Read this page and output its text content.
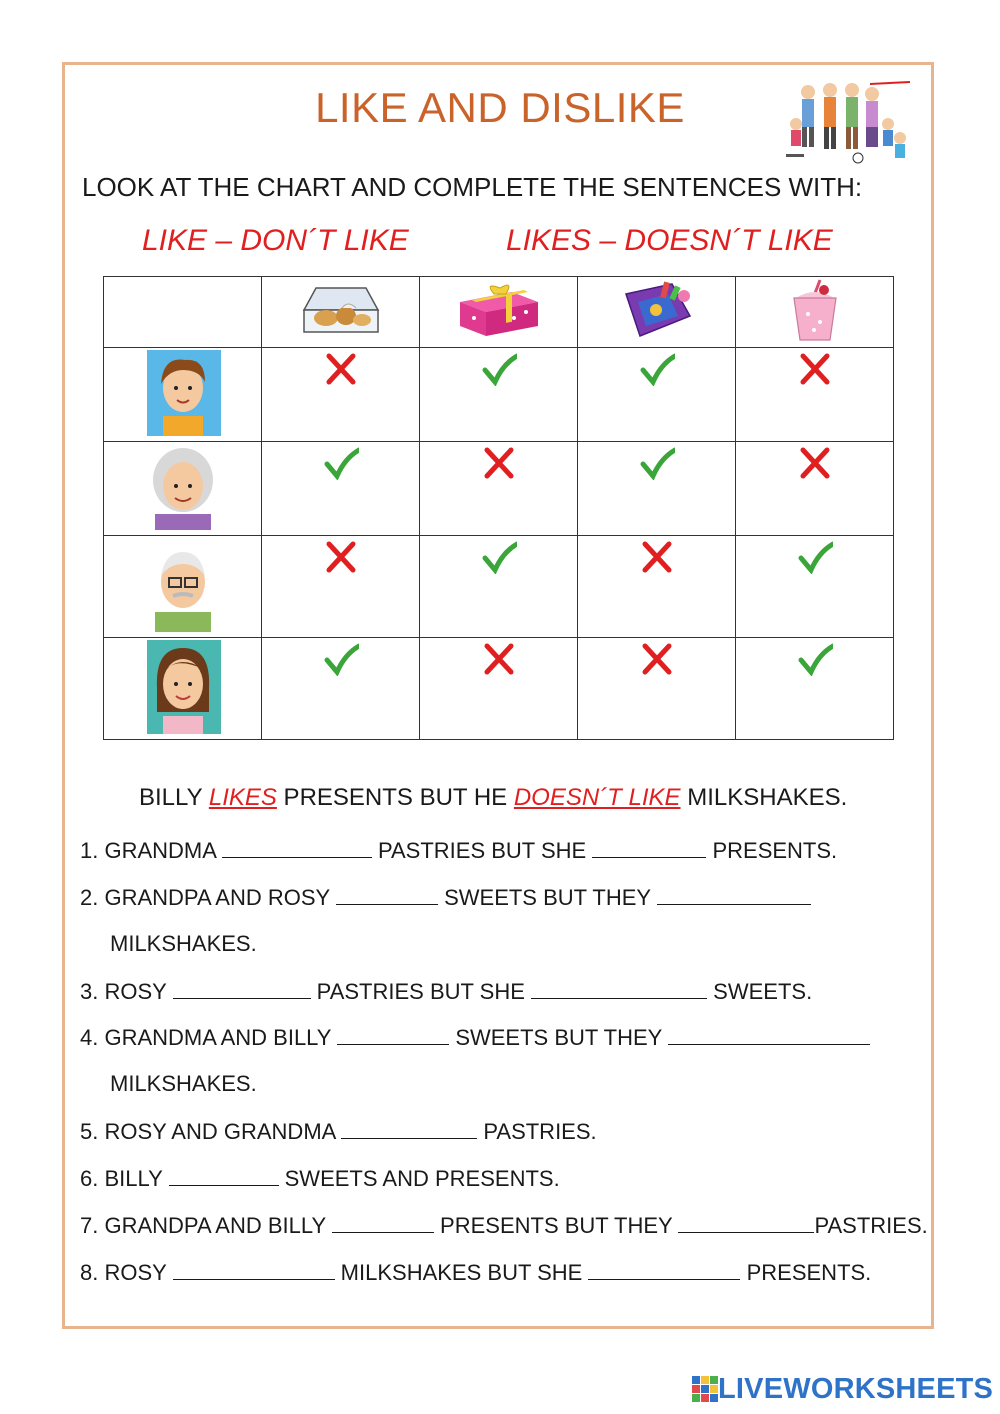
LIKE AND DISLIKE
LOOK AT THE CHART AND COMPLETE THE SENTENCES WITH:
LIKE – DON´T LIKE	LIKES – DOESN´T LIKE

BILLY LIKES PRESENTS BUT HE DOESN´T LIKE MILKSHAKES.
1. GRANDMA	PASTRIES BUT SHE	PRESENTS.
2. GRANDPA AND ROSY	SWEETS BUT THEY
MILKSHAKES.
3. ROSY	PASTRIES BUT SHE	SWEETS.
4. GRANDMA AND BILLY	SWEETS BUT THEY
MILKSHAKES.
5. ROSY AND GRANDMA	PASTRIES.
6. BILLY	SWEETS AND PRESENTS.
7. GRANDPA AND BILLY	PRESENTS BUT THEY	PASTRIES.
8. ROSY	MILKSHAKES BUT SHE	PRESENTS.
LIVEWORKSHEETS
